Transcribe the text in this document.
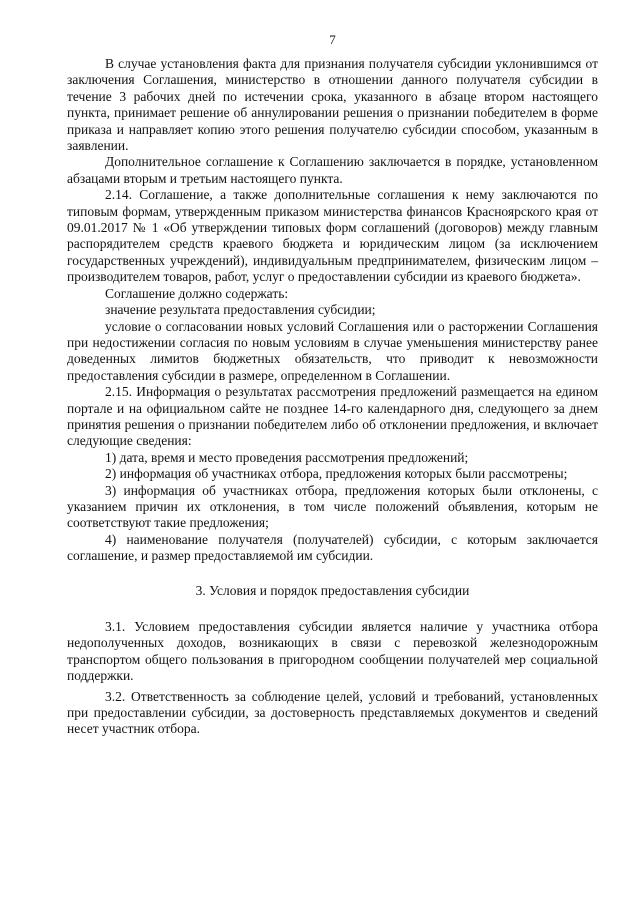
7

В случае установления факта для признания получателя субсидии уклонившимся от заключения Соглашения, министерство в отношении данного получателя субсидии в течение 3 рабочих дней по истечении срока, указанного в абзаце втором настоящего пункта, принимает решение об аннулировании решения о признании победителем в форме приказа и направляет копию этого решения получателю субсидии способом, указанным в заявлении.

Дополнительное соглашение к Соглашению заключается в порядке, установленном абзацами вторым и третьим настоящего пункта.

2.14. Соглашение, а также дополнительные соглашения к нему заключаются по типовым формам, утвержденным приказом министерства финансов Красноярского края от 09.01.2017 № 1 «Об утверждении типовых форм соглашений (договоров) между главным распорядителем средств краевого бюджета и юридическим лицом (за исключением государственных учреждений), индивидуальным предпринимателем, физическим лицом – производителем товаров, работ, услуг о предоставлении субсидии из краевого бюджета».

Соглашение должно содержать:

значение результата предоставления субсидии;

условие о согласовании новых условий Соглашения или о расторжении Соглашения при недостижении согласия по новым условиям в случае уменьшения министерству ранее доведенных лимитов бюджетных обязательств, что приводит к невозможности предоставления субсидии в размере, определенном в Соглашении.

2.15. Информация о результатах рассмотрения предложений размещается на едином портале и на официальном сайте не позднее 14-го календарного дня, следующего за днем принятия решения о признании победителем либо об отклонении предложения, и включает следующие сведения:

1) дата, время и место проведения рассмотрения предложений;

2) информация об участниках отбора, предложения которых были рассмотрены;

3) информация об участниках отбора, предложения которых были отклонены, с указанием причин их отклонения, в том числе положений объявления, которым не соответствуют такие предложения;

4) наименование получателя (получателей) субсидии, с которым заключается соглашение, и размер предоставляемой им субсидии.

3. Условия и порядок предоставления субсидии

3.1. Условием предоставления субсидии является наличие у участника отбора недополученных доходов, возникающих в связи с перевозкой железнодорожным транспортом общего пользования в пригородном сообщении получателей мер социальной поддержки.

3.2. Ответственность за соблюдение целей, условий и требований, установленных при предоставлении субсидии, за достоверность представляемых документов и сведений несет участник отбора.
